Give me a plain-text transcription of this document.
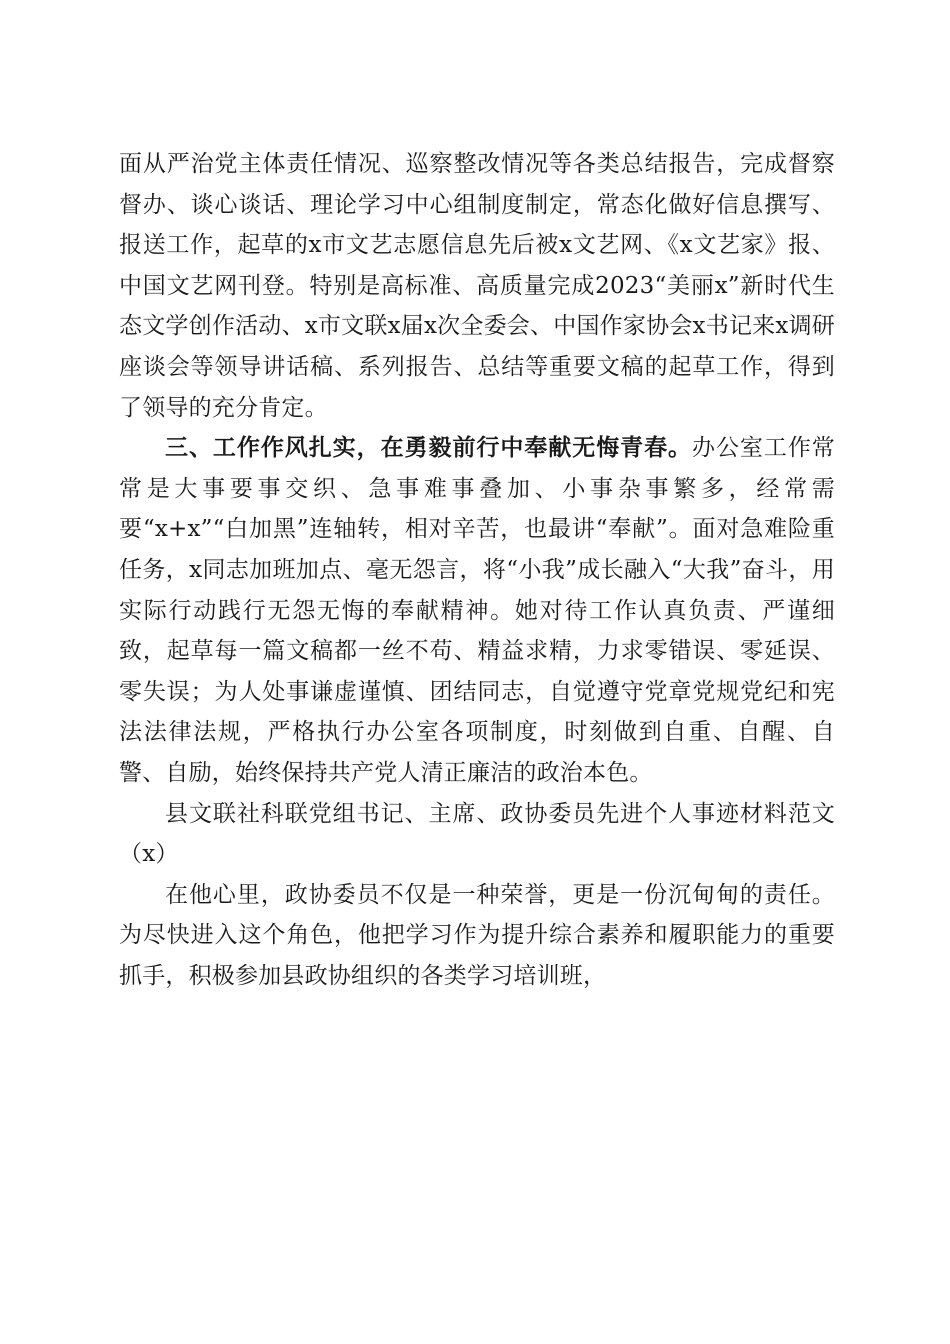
面从严治党主体责任情况、巡察整改情况等各类总结报告，完成督察督办、谈心谈话、理论学习中心组制度制定，常态化做好信息撰写、报送工作，起草的x市文艺志愿信息先后被x文艺网、《x文艺家》报、中国文艺网刊登。特别是高标准、高质量完成2023“美丽x”新时代生态文学创作活动、x市文联x届x次全委会、中国作家协会x书记来x调研座谈会等领导讲话稿、系列报告、总结等重要文稿的起草工作，得到了领导的充分肯定。

三、工作作风扎实，在勇毅前行中奉献无悔青春。办公室工作常常是大事要事交织、急事难事叠加、小事杂事繁多，经常需要“x+x”“白加黑”连轴转，相对辛苦，也最讲“奉献”。面对急难险重任务，x同志加班加点、毫无怨言，将“小我”成长融入“大我”奋斗，用实际行动践行无怨无悔的奉献精神。她对待工作认真负责、严谨细致，起草每一篇文稿都一丝不苟、精益求精，力求零错误、零延误、零失误；为人处事谦虚谨慎、团结同志，自觉遵守党章党规党纪和宪法法律法规，严格执行办公室各项制度，时刻做到自重、自醒、自警、自励，始终保持共产党人清正廉洁的政治本色。

县文联社科联党组书记、主席、政协委员先进个人事迹材料范文（x）

在他心里，政协委员不仅是一种荣誉，更是一份沉甸甸的责任。为尽快进入这个角色，他把学习作为提升综合素养和履职能力的重要抓手，积极参加县政协组织的各类学习培训班，
